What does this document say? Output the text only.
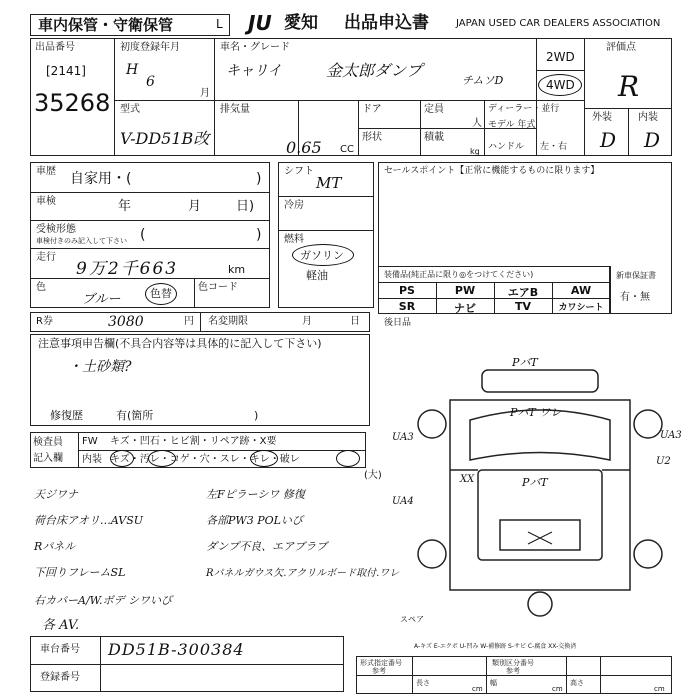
車内保管・守衛保管	L JU 愛知 出品申込書	JAPAN USED CAR DEALERS ASSOCIATION
出品番号
[2141]
35268
初度登録年月
H
6
月
車名・グレード
キャリイ	金太郎ダンプ
チムソD
2WD
4WD
評価点
R
外装	内装
D D
型式
V-DD51B改
排気量
0.65 CC
ドア
形状
定員
人
積載
kg
ディーラー・並行
モデル 年式
ハンドル 左・右
車歴 自家用・(	)
車検	年	月	日)
受検形態
車検付きのみ記入して下さい (	)
走行
9万2千663	km
色
ブルー	色替	色コード
シフト
MT
冷房
燃料
ガソリン
軽油
セールスポイント【正常に機能するものに限ります】
装備品(純正品に限り◎をつけてください)
PS	PW	エアB	AW
SR	ナビ	TV	カワシート
新車保証書
有・無
R券	3080	円 名変期限	月	日	後日品
注意事項申告欄(不具合内容等は具体的に記入して下さい)
・土砂類?
修復歴	有(箇所	)
検査員
記入欄
FW キズ・凹石・ヒビ割・リペア跡・X要
内装 キズ・汚レ・コゲ・穴・スレ・キレ・破レ
(大)
天ジワナ	左Fピラーシワ 修復
荷台床アオリ…AVSU	各部PW3 POLいび
Rパネル	ダンプ不良、エアブラブ
下回りフレームSL	Rパネルガウス欠.アクリルボード取付.ワレ
右カバーA/W.ボデ シワいび
各 AV.
PバT
PバT ワレ
PバT
UA3
UA4
UA3
U2
XX
スペア
A-キズ E-エクボ U-凹み W-補修跡 S-サビ C-腐食 XX-交換済
車台番号 DD51B-300384
登録番号
形式指定番号
参考
類別区分番号
参考
長さ	幅	高さ
cm	cm	cm
